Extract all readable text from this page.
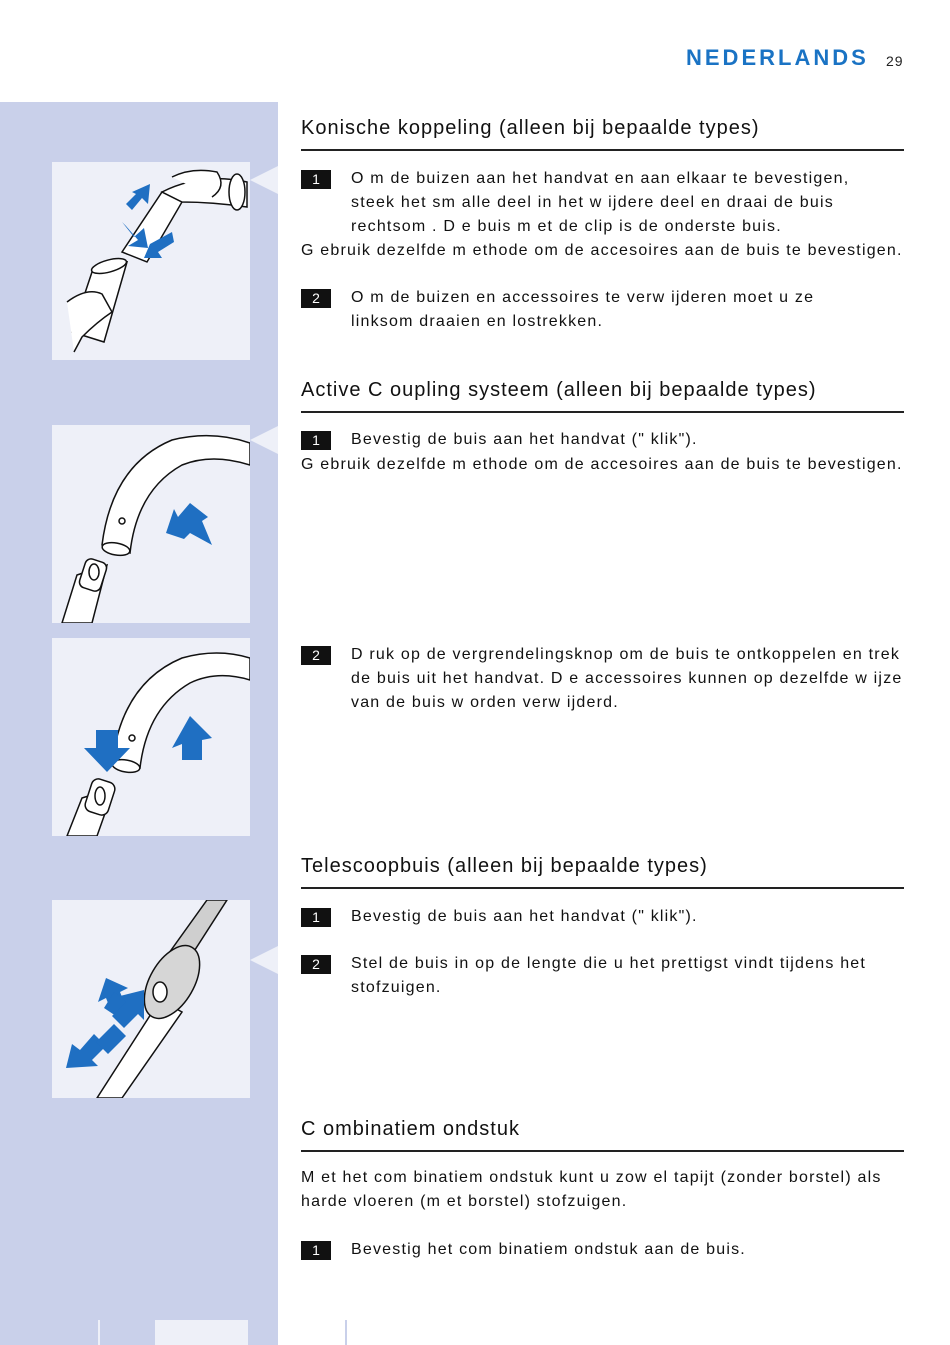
NEDERLANDS 29
Konische koppeling (alleen bij bepaalde types)
1	O m de buizen aan het handvat en aan elkaar te bevestigen, steek het sm alle deel in het w ijdere deel en draai de buis rechtsom . D e buis m et de clip is de onderste buis.
G ebruik dezelfde m ethode om de accesoires aan de buis te bevestigen.
2	O m de buizen en accessoires te verw ijderen moet u ze linksom draaien en lostrekken.
Active C oupling systeem (alleen bij bepaalde types)
1	Bevestig de buis aan het handvat (" klik").
G ebruik dezelfde m ethode om de accesoires aan de buis te bevestigen.
2	D ruk op de vergrendelingsknop om de buis te ontkoppelen en trek de buis uit het handvat. D e accessoires kunnen op dezelfde w ijze van de buis w orden verw ijderd.
Telescoopbuis (alleen bij bepaalde types)
1	Bevestig de buis aan het handvat (" klik").
2	Stel de buis in op de lengte die u het prettigst vindt tijdens het stofzuigen.
C ombinatiem ondstuk
M et het com binatiem ondstuk kunt u zow el tapijt (zonder borstel) als harde vloeren (m et borstel) stofzuigen.
1	Bevestig het com binatiem ondstuk aan de buis.
